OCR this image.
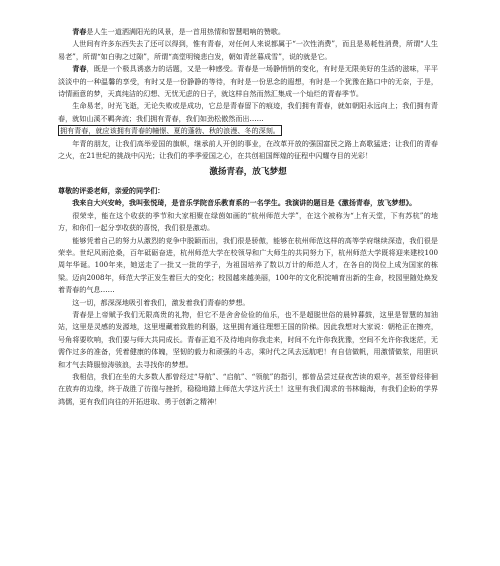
青春是人生一道洒满阳光的风景，是一首用热情和智慧唱响的赞歌。

人世间有许多东西失去了还可以得到，惟有青春，对任何人来说都属于“一次性消费”，而且是易耗性消费，所谓“人生易老”，所谓“如白驹之过隙”，所谓“高堂明镜悲白发，朝如青丝暮成雪”，说的就是它。

青春，既是一个极具诱惑力的话题，又是一种感受。青春是一场静悄悄的变化，有时是无限美好的生活的滋味，平平淡淡中的一种温馨的享受，有时又是一份静静的等待，有时是一份思念的遐想，有时是一个犹豫在路口中的无奈，于是，诗情画意的梦，天真纯洁的幻想、无忧无虑的日子，就这样自然而然汇集成一个灿烂的青春季节。

生命易老，时光飞逝，无论失败或是成功，它总是青春留下的痕迹，我们拥有青春，就如朝阳永远向上；我们拥有青春，就如山溪不羁奔流；我们拥有青春，我们如劲松傲然而出……

拥有青春，就应该拥有青春的幢憬、夏的蓬勃、秋的浪漫、冬的深刻。

年青的朋友，让我们高举爱国的旗帜，继承前人开创的事业，在改革开放的强国富民之路上高歌猛进；让我们的青春之火，在21世纪的挑战中闪光；让我们的季季爱国之心，在共创祖国辉煌的征程中闪耀夺目的光彩！

激扬青春，放飞梦想

尊敬的评委老师，亲爱的同学们：

我来自大兴安岭，我叫张悦琦，是音乐学院音乐教育系的一名学生。我演讲的题目是《激扬青春，放飞梦想》。

很荣幸，能在这个收获的季节和大家相聚在绿茵如画的“杭州师范大学”，在这个被称为“上有天堂，下有苏杭”的地方，和你们一起分享收获的喜悦，我们很是激动。

能够凭着自己的努力从激烈的竞争中脱颖而出，我们很是骄傲，能够在杭州师范这样的高等学府继续深造，我们很是荣幸。世纪风雨沧桑，百年砥砺奋进，杭州师范大学在校领导和广大师生的共同努力下，杭州师范大学既将迎来建校100周年华诞。100年来，她送走了一批又一批的学子，为祖国培养了数以万计的师范人才，在各自的岗位上成为国家的栋梁。迈向2008年，师范大学正发生着巨大的变化；校园越来越美丽，100年的文化积淀哺育出新的生命，校园里随处焕发着青春的气息……

这一切，都深深地吸引着我们，激发着我们青春的梦想。

青春是上帝赋予我们无限高贵的礼物，但它不是舍舍俭俭的仙乐，也不是超脱世俗的晨钟暮鼓，这里是智慧的加油站，这里是灵感的发源地，这里埋藏着致胜的利器，这里拥有通往理想王国的阶梯。因此我想对大家说：朝枪正在擦亮，号角将要吹响，我们要与师大共同成长。青春正追不及待地向你我走来，时间不允许你我犹豫，空间不允许你我迷茫，无需作过多的准备，凭着健康的体魄，坚韧的毅力和顽强的斗志，乘时代之风去远航吧！有自信做帆，用激情做浆，用胆识和才气去降服惊涛骇浪，去寻找你的梦想。

我相信，我们在坐的大多数人都曾经过“导航”、“启航”、“领航”的指引，都曾品尝过昼夜苦读的艰辛，甚至曾经徘徊在放弃的边缘，终于战胜了彷徨与挫折，稳稳地踏上师范大学这片沃土！这里有我们渴求的书林翰海，有我们企盼的学界鸿儒，更有我们向往的开拓进取、勇于创新之精神！
